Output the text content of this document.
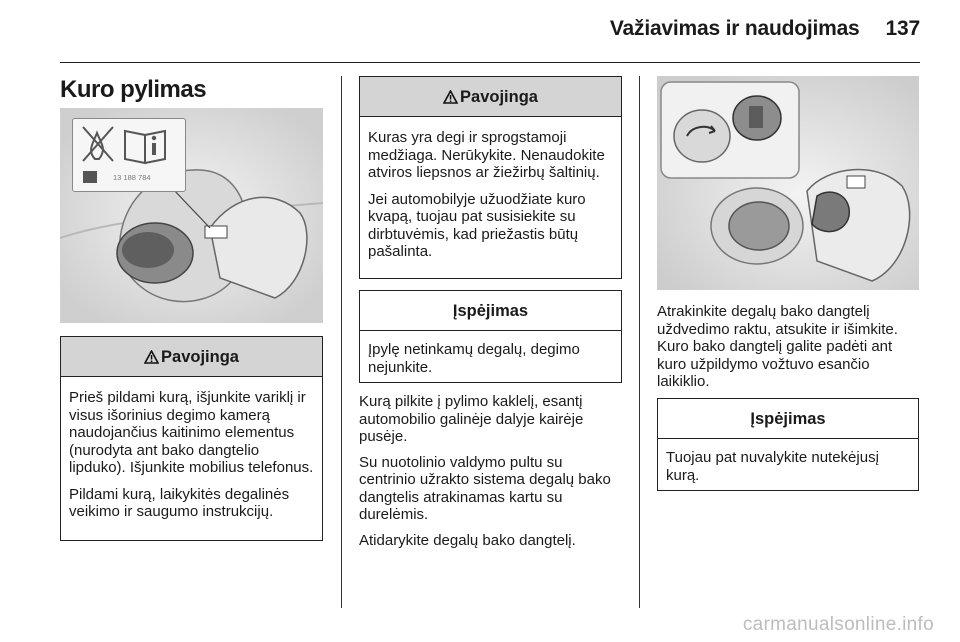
Važiavimas ir naudojimas 137
Kuro pylimas
13 188 784
Pavojinga

Prieš pildami kurą, išjunkite variklį ir visus išorinius degimo kamerą naudojančius kaitinimo elementus (nurodyta ant bako dangtelio lipduko). Išjunkite mobilius telefonus.

Pildami kurą, laikykitės degalinės veikimo ir saugumo instrukcijų.

Pavojinga

Kuras yra degi ir sprogstamoji medžiaga. Nerūkykite. Nenaudokite atviros liepsnos ar žiežirbų šaltinių.

Jei automobilyje užuodžiate kuro kvapą, tuojau pat susisiekite su dirbtuvėmis, kad priežastis būtų pašalinta.

Įspėjimas

Įpylę netinkamų degalų, degimo nejunkite.

Kurą pilkite į pylimo kaklelį, esantį automobilio galinėje dalyje kairėje pusėje.

Su nuotolinio valdymo pultu su centrinio užrakto sistema degalų bako dangtelis atrakinamas kartu su durelėmis.

Atidarykite degalų bako dangtelį.

Atrakinkite degalų bako dangtelį uždvedimo raktu, atsukite ir išimkite. Kuro bako dangtelį galite padėti ant kuro užpildymo vožtuvo esančio laikiklio.

Įspėjimas

Tuojau pat nuvalykite nutekėjusį kurą.

carmanualsonline.info
